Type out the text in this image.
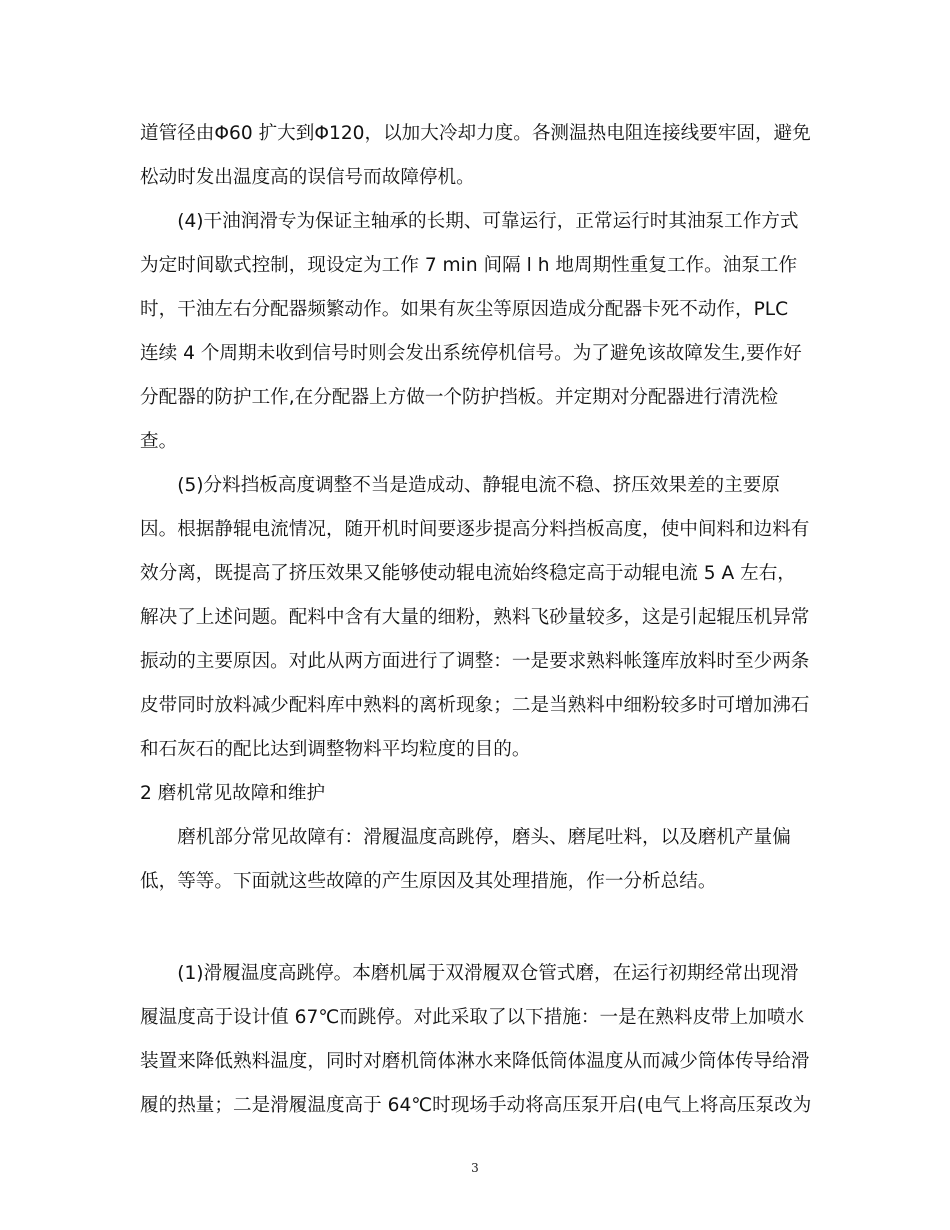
道管径由Φ60 扩大到Φ120，以加大冷却力度。各测温热电阻连接线要牢固，避免
松动时发出温度高的误信号而故障停机。
　　(4)干油润滑专为保证主轴承的长期、可靠运行，正常运行时其油泵工作方式
为定时间歇式控制，现设定为工作 7 min 间隔 l h 地周期性重复工作。油泵工作
时，干油左右分配器频繁动作。如果有灰尘等原因造成分配器卡死不动作，PLC
连续 4 个周期未收到信号时则会发出系统停机信号。为了避免该故障发生,要作好
分配器的防护工作,在分配器上方做一个防护挡板。并定期对分配器进行清洗检
查。
　　(5)分料挡板高度调整不当是造成动、静辊电流不稳、挤压效果差的主要原
因。根据静辊电流情况，随开机时间要逐步提高分料挡板高度，使中间料和边料有
效分离，既提高了挤压效果又能够使动辊电流始终稳定高于动辊电流 5 A 左右，
解决了上述问题。配料中含有大量的细粉，熟料飞砂量较多，这是引起辊压机异常
振动的主要原因。对此从两方面进行了调整：一是要求熟料帐篷库放料时至少两条
皮带同时放料减少配料库中熟料的离析现象；二是当熟料中细粉较多时可增加沸石
和石灰石的配比达到调整物料平均粒度的目的。
2 磨机常见故障和维护
　　磨机部分常见故障有：滑履温度高跳停，磨头、磨尾吐料，以及磨机产量偏
低，等等。下面就这些故障的产生原因及其处理措施，作一分析总结。
　　(1)滑履温度高跳停。本磨机属于双滑履双仓管式磨，在运行初期经常出现滑
履温度高于设计值 67℃而跳停。对此采取了以下措施：一是在熟料皮带上加喷水
装置来降低熟料温度，同时对磨机筒体淋水来降低筒体温度从而减少筒体传导给滑
履的热量；二是滑履温度高于 64℃时现场手动将高压泵开启(电气上将高压泵改为
3
